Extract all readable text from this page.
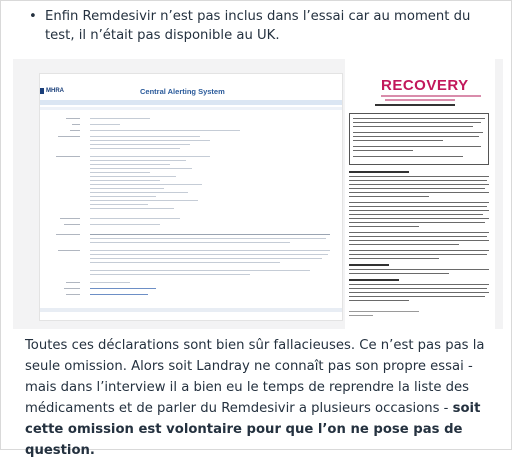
• Enfin Remdesivir n’est pas inclus dans l’essai car au moment du test, il n’était pas disponible au UK.
MHRA	Central Alerting System	RECOVERY
Toutes ces déclarations sont bien sûr fallacieuses. Ce n’est pas pas la seule omission. Alors soit Landray ne connaît pas son propre essai - mais dans l’interview il a bien eu le temps de reprendre la liste des médicaments et de parler du Remdesivir a plusieurs occasions - soit cette omission est volontaire pour que l’on ne pose pas de question.
